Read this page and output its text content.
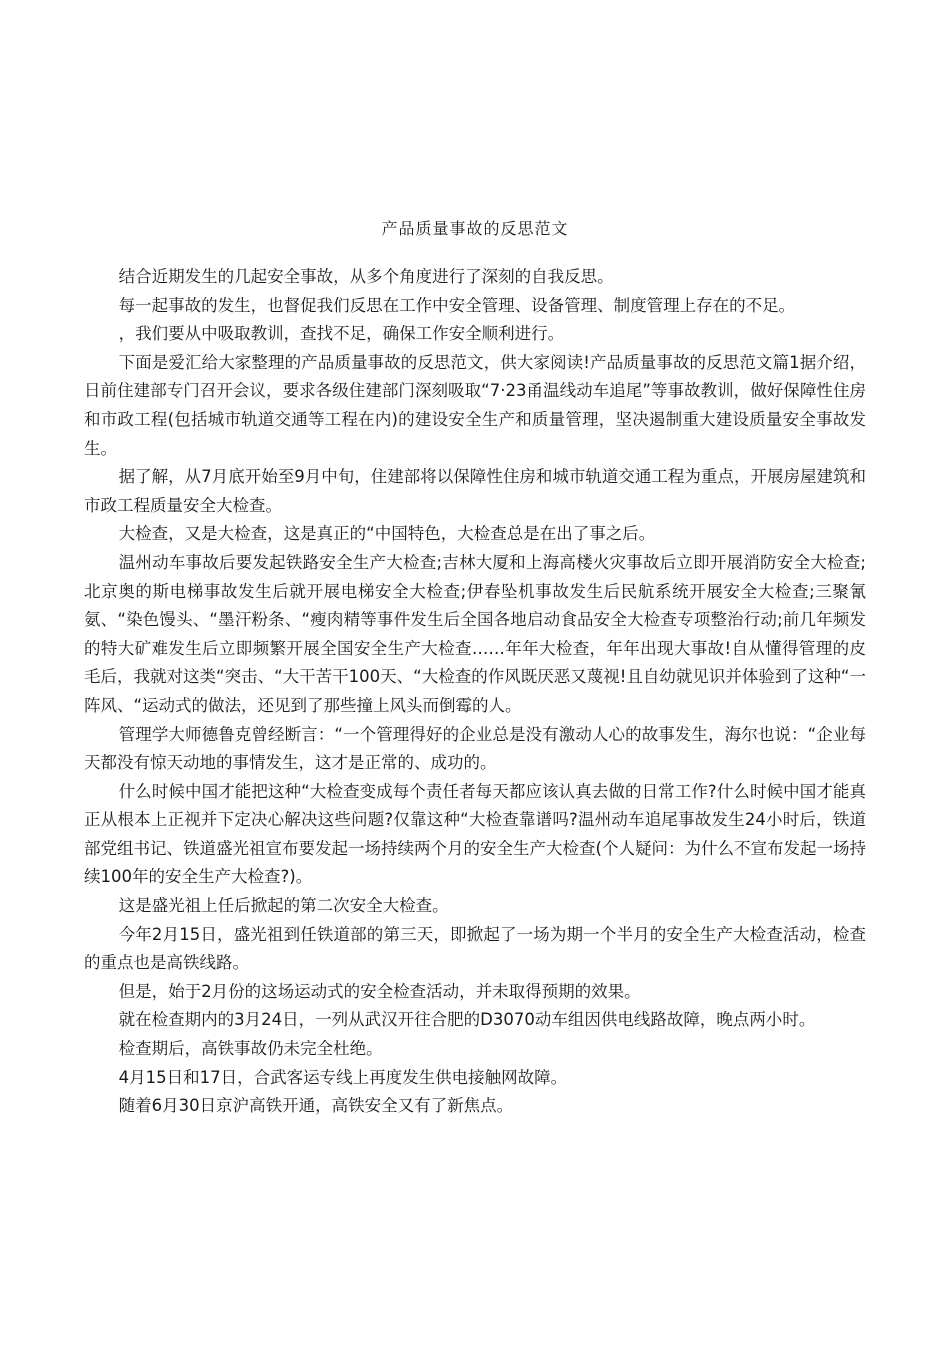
产品质量事故的反思范文

结合近期发生的几起安全事故，从多个角度进行了深刻的自我反思。

每一起事故的发生，也督促我们反思在工作中安全管理、设备管理、制度管理上存在的不足。

，我们要从中吸取教训，查找不足，确保工作安全顺利进行。

下面是爱汇给大家整理的产品质量事故的反思范文，供大家阅读!产品质量事故的反思范文篇1据介绍，日前住建部专门召开会议，要求各级住建部门深刻吸取“7·23甬温线动车追尾”等事故教训，做好保障性住房和市政工程(包括城市轨道交通等工程在内)的建设安全生产和质量管理，坚决遏制重大建设质量安全事故发生。

据了解，从7月底开始至9月中旬，住建部将以保障性住房和城市轨道交通工程为重点，开展房屋建筑和市政工程质量安全大检查。

大检查，又是大检查，这是真正的“中国特色，大检查总是在出了事之后。

温州动车事故后要发起铁路安全生产大检查;吉林大厦和上海高楼火灾事故后立即开展消防安全大检查;北京奥的斯电梯事故发生后就开展电梯安全大检查;伊春坠机事故发生后民航系统开展安全大检查;三聚氰氨、“染色馒头、“墨汗粉条、“瘦肉精等事件发生后全国各地启动食品安全大检查专项整治行动;前几年频发的特大矿难发生后立即频繁开展全国安全生产大检查……年年大检查，年年出现大事故!自从懂得管理的皮毛后，我就对这类“突击、“大干苦干100天、“大检查的作风既厌恶又蔑视!且自幼就见识并体验到了这种“一阵风、“运动式的做法，还见到了那些撞上风头而倒霉的人。

管理学大师德鲁克曾经断言：“一个管理得好的企业总是没有激动人心的故事发生，海尔也说：“企业每天都没有惊天动地的事情发生，这才是正常的、成功的。

什么时候中国才能把这种“大检查变成每个责任者每天都应该认真去做的日常工作?什么时候中国才能真正从根本上正视并下定决心解决这些问题?仅靠这种“大检查靠谱吗?温州动车追尾事故发生24小时后，铁道部党组书记、铁道盛光祖宣布要发起一场持续两个月的安全生产大检查(个人疑问：为什么不宣布发起一场持续100年的安全生产大检查?)。

这是盛光祖上任后掀起的第二次安全大检查。

今年2月15日，盛光祖到任铁道部的第三天，即掀起了一场为期一个半月的安全生产大检查活动，检查的重点也是高铁线路。

但是，始于2月份的这场运动式的安全检查活动，并未取得预期的效果。

就在检查期内的3月24日，一列从武汉开往合肥的D3070动车组因供电线路故障，晚点两小时。

检查期后，高铁事故仍未完全杜绝。

4月15日和17日，合武客运专线上再度发生供电接触网故障。

随着6月30日京沪高铁开通，高铁安全又有了新焦点。
